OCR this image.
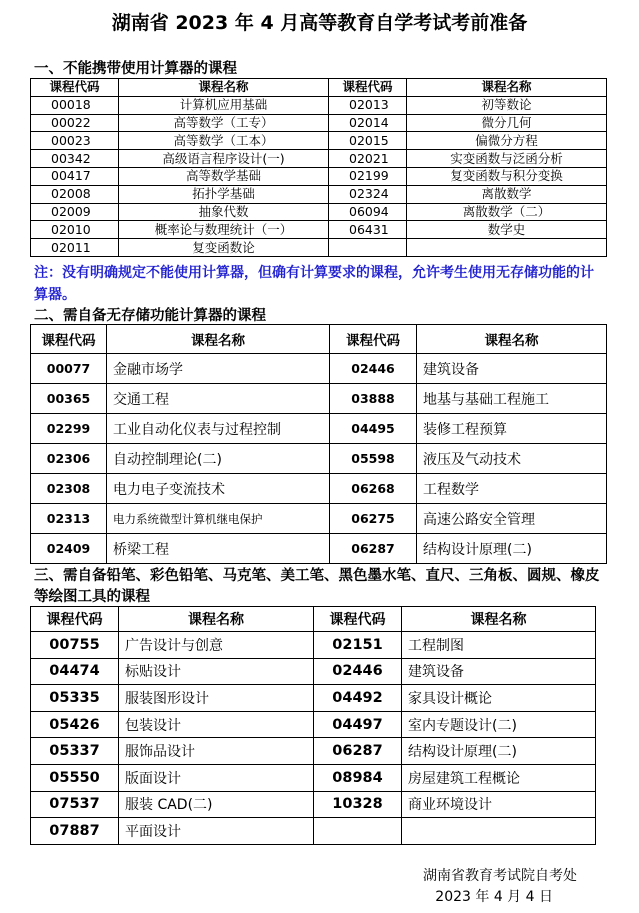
湖南省 2023 年 4 月高等教育自学考试考前准备
一、不能携带使用计算器的课程
课程代码	课程名称	课程代码	课程名称
00018	计算机应用基础	02013	初等数论
00022	高等数学（工专）	02014	微分几何
00023	高等数学（工本）	02015	偏微分方程
00342	高级语言程序设计(一)	02021	实变函数与泛函分析
00417	高等数学基础	02199	复变函数与积分变换
02008	拓扑学基础	02324	离散数学
02009	抽象代数	06094	离散数学（二）
02010	概率论与数理统计（一）	06431	数学史
02011	复变函数论		
注：没有明确规定不能使用计算器，但确有计算要求的课程，允许考生使用无存储功能的计算器。
二、需自备无存储功能计算器的课程
课程代码	课程名称	课程代码	课程名称
00077	金融市场学	02446	建筑设备
00365	交通工程	03888	地基与基础工程施工
02299	工业自动化仪表与过程控制	04495	装修工程预算
02306	自动控制理论(二)	05598	液压及气动技术
02308	电力电子变流技术	06268	工程数学
02313	电力系统微型计算机继电保护	06275	高速公路安全管理
02409	桥梁工程	06287	结构设计原理(二)
三、需自备铅笔、彩色铅笔、马克笔、美工笔、黑色墨水笔、直尺、三角板、圆规、橡皮等绘图工具的课程
课程代码	课程名称	课程代码	课程名称
00755	广告设计与创意	02151	工程制图
04474	标贴设计	02446	建筑设备
05335	服装图形设计	04492	家具设计概论
05426	包装设计	04497	室内专题设计(二)
05337	服饰品设计	06287	结构设计原理(二)
05550	版面设计	08984	房屋建筑工程概论
07537	服装 CAD(二)	10328	商业环境设计
07887	平面设计		
湖南省教育考试院自考处
2023 年 4 月 4 日
